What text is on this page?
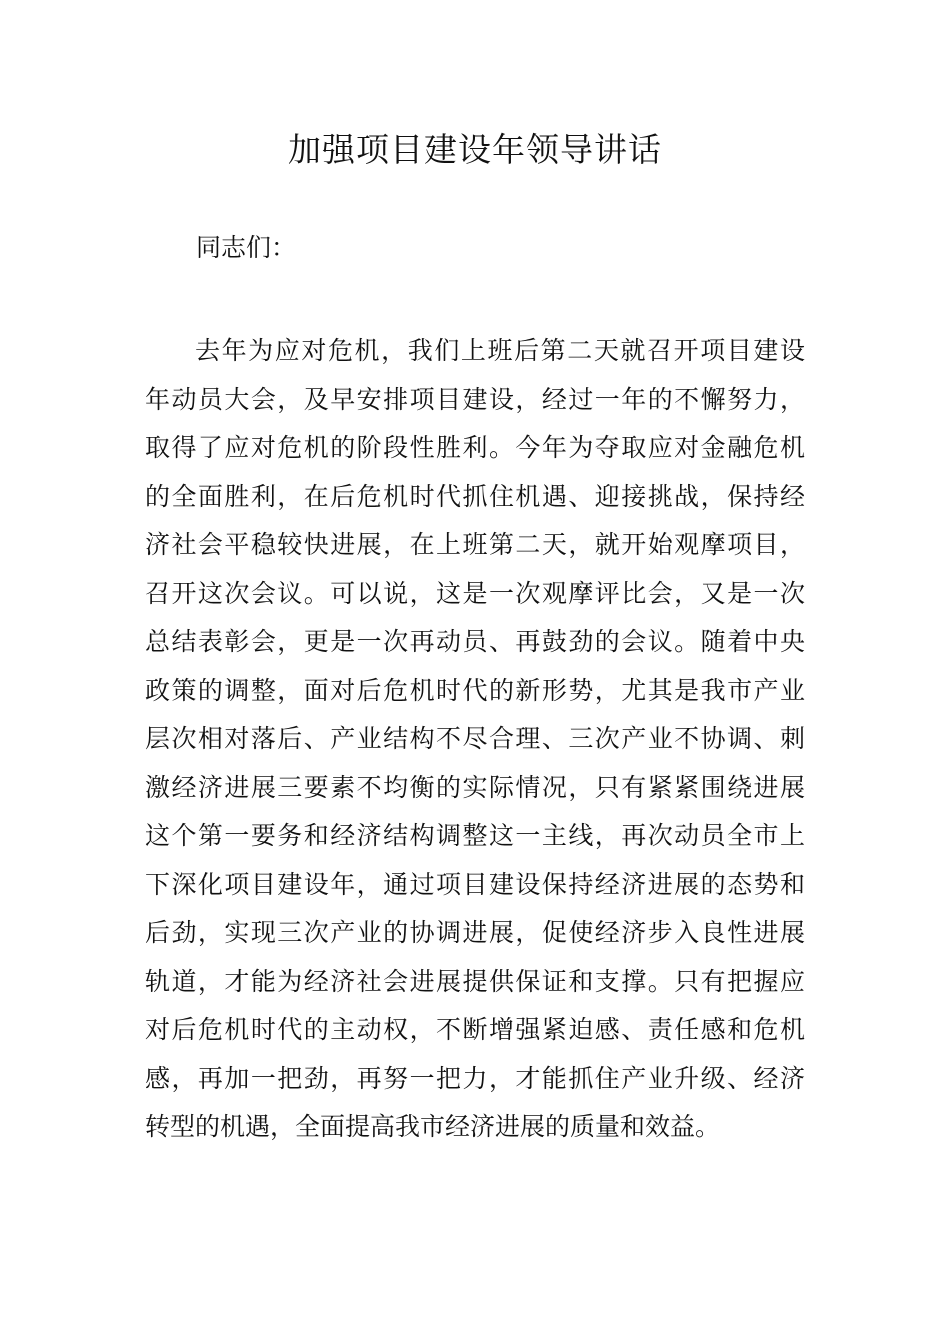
加强项目建设年领导讲话

同志们：

去年为应对危机，我们上班后第二天就召开项目建设
年动员大会，及早安排项目建设，经过一年的不懈努力，
取得了应对危机的阶段性胜利。今年为夺取应对金融危机
的全面胜利，在后危机时代抓住机遇、迎接挑战，保持经
济社会平稳较快进展，在上班第二天，就开始观摩项目，
召开这次会议。可以说，这是一次观摩评比会，又是一次
总结表彰会，更是一次再动员、再鼓劲的会议。随着中央
政策的调整，面对后危机时代的新形势，尤其是我市产业
层次相对落后、产业结构不尽合理、三次产业不协调、刺
激经济进展三要素不均衡的实际情况，只有紧紧围绕进展
这个第一要务和经济结构调整这一主线，再次动员全市上
下深化项目建设年，通过项目建设保持经济进展的态势和
后劲，实现三次产业的协调进展，促使经济步入良性进展
轨道，才能为经济社会进展提供保证和支撑。只有把握应
对后危机时代的主动权，不断增强紧迫感、责任感和危机
感，再加一把劲，再努一把力，才能抓住产业升级、经济
转型的机遇，全面提高我市经济进展的质量和效益。
